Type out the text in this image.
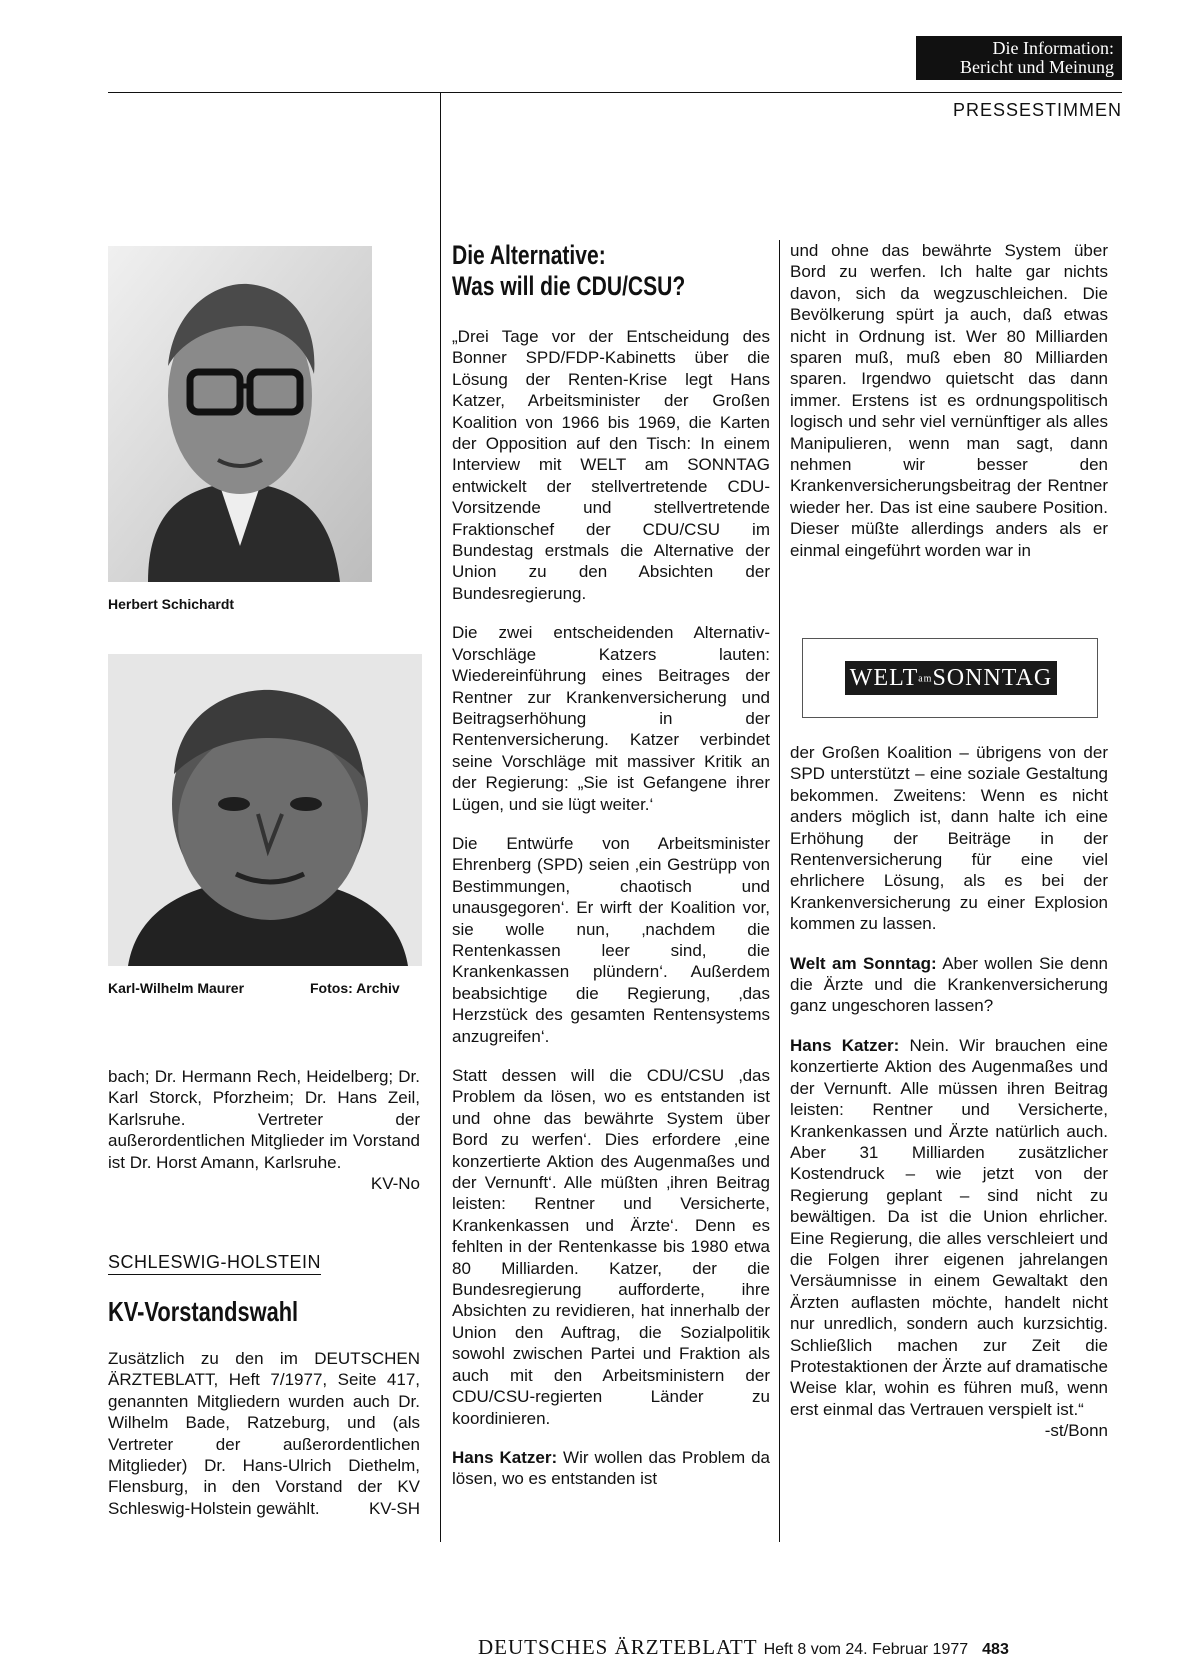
Die Information:
Bericht und Meinung
PRESSESTIMMEN
Herbert Schichardt
Karl-Wilhelm Maurer	Fotos: Archiv

bach; Dr. Hermann Rech, Heidelberg; Dr. Karl Storck, Pforzheim; Dr. Hans Zeil, Karlsruhe. Vertreter der außerordentlichen Mitglieder im Vorstand ist Dr. Horst Amann, Karlsruhe.

KV-No
SCHLESWIG-HOLSTEIN
KV-Vorstandswahl
Zusätzlich zu den im DEUTSCHEN ÄRZTEBLATT, Heft 7/1977, Seite 417, genannten Mitgliedern wurden auch Dr. Wilhelm Bade, Ratzeburg, und (als Vertreter der außerordentlichen Mitglieder) Dr. Hans-Ulrich Diethelm, Flensburg, in den Vorstand der KV Schleswig-Holstein gewählt.	KV-SH
Die Alternative:
Was will die CDU/CSU?

„Drei Tage vor der Entscheidung des Bonner SPD/FDP-Kabinetts über die Lösung der Renten-Krise legt Hans Katzer, Arbeitsminister der Großen Koalition von 1966 bis 1969, die Karten der Opposition auf den Tisch: In einem Interview mit WELT am SONNTAG entwickelt der stellvertretende CDU-Vorsitzende und stellvertretende Fraktionschef der CDU/CSU im Bundestag erstmals die Alternative der Union zu den Absichten der Bundesregierung.

Die zwei entscheidenden Alternativ-Vorschläge Katzers lauten: Wiedereinführung eines Beitrages der Rentner zur Krankenversicherung und Beitragserhöhung in der Rentenversicherung. Katzer verbindet seine Vorschläge mit massiver Kritik an der Regierung: „Sie ist Gefangene ihrer Lügen, und sie lügt weiter.‘

Die Entwürfe von Arbeitsminister Ehrenberg (SPD) seien ‚ein Gestrüpp von Bestimmungen, chaotisch und unausgegoren‘. Er wirft der Koalition vor, sie wolle nun, ‚nachdem die Rentenkassen leer sind, die Krankenkassen plündern‘. Außerdem beabsichtige die Regierung, ‚das Herzstück des gesamten Rentensystems anzugreifen‘.

Statt dessen will die CDU/CSU ‚das Problem da lösen, wo es entstanden ist und ohne das bewährte System über Bord zu werfen‘. Dies erfordere ‚eine konzertierte Aktion des Augenmaßes und der Vernunft‘. Alle müßten ‚ihren Beitrag leisten: Rentner und Versicherte, Krankenkassen und Ärzte‘. Denn es fehlten in der Rentenkasse bis 1980 etwa 80 Milliarden. Katzer, der die Bundesregierung aufforderte, ihre Absichten zu revidieren, hat innerhalb der Union den Auftrag, die Sozialpolitik sowohl zwischen Partei und Fraktion als auch mit den Arbeitsministern der CDU/CSU-regierten Länder zu koordinieren.

Hans Katzer: Wir wollen das Problem da lösen, wo es entstanden ist

und ohne das bewährte System über Bord zu werfen. Ich halte gar nichts davon, sich da wegzuschleichen. Die Bevölkerung spürt ja auch, daß etwas nicht in Ordnung ist. Wer 80 Milliarden sparen muß, muß eben 80 Milliarden sparen. Irgendwo quietscht das dann immer. Erstens ist es ordnungspolitisch logisch und sehr viel vernünftiger als alles Manipulieren, wenn man sagt, dann nehmen wir besser den Krankenversicherungsbeitrag der Rentner wieder her. Das ist eine saubere Position. Dieser müßte allerdings anders als er einmal eingeführt worden war in

WELTamSONNTAG

der Großen Koalition – übrigens von der SPD unterstützt – eine soziale Gestaltung bekommen. Zweitens: Wenn es nicht anders möglich ist, dann halte ich eine Erhöhung der Beiträge in der Rentenversicherung für eine viel ehrlichere Lösung, als es bei der Krankenversicherung zu einer Explosion kommen zu lassen.

Welt am Sonntag: Aber wollen Sie denn die Ärzte und die Krankenversicherung ganz ungeschoren lassen?

Hans Katzer: Nein. Wir brauchen eine konzertierte Aktion des Augenmaßes und der Vernunft. Alle müssen ihren Beitrag leisten: Rentner und Versicherte, Krankenkassen und Ärzte natürlich auch. Aber 31 Milliarden zusätzlicher Kostendruck – wie jetzt von der Regierung geplant – sind nicht zu bewältigen. Da ist die Union ehrlicher. Eine Regierung, die alles verschleiert und die Folgen ihrer eigenen jahrelangen Versäumnisse in einem Gewaltakt den Ärzten auflasten möchte, handelt nicht nur unredlich, sondern auch kurzsichtig. Schließlich machen zur Zeit die Protestaktionen der Ärzte auf dramatische Weise klar, wohin es führen muß, wenn erst einmal das Vertrauen verspielt ist.“

-st/Bonn
DEUTSCHES ÄRZTEBLATT Heft 8 vom 24. Februar 1977 483
